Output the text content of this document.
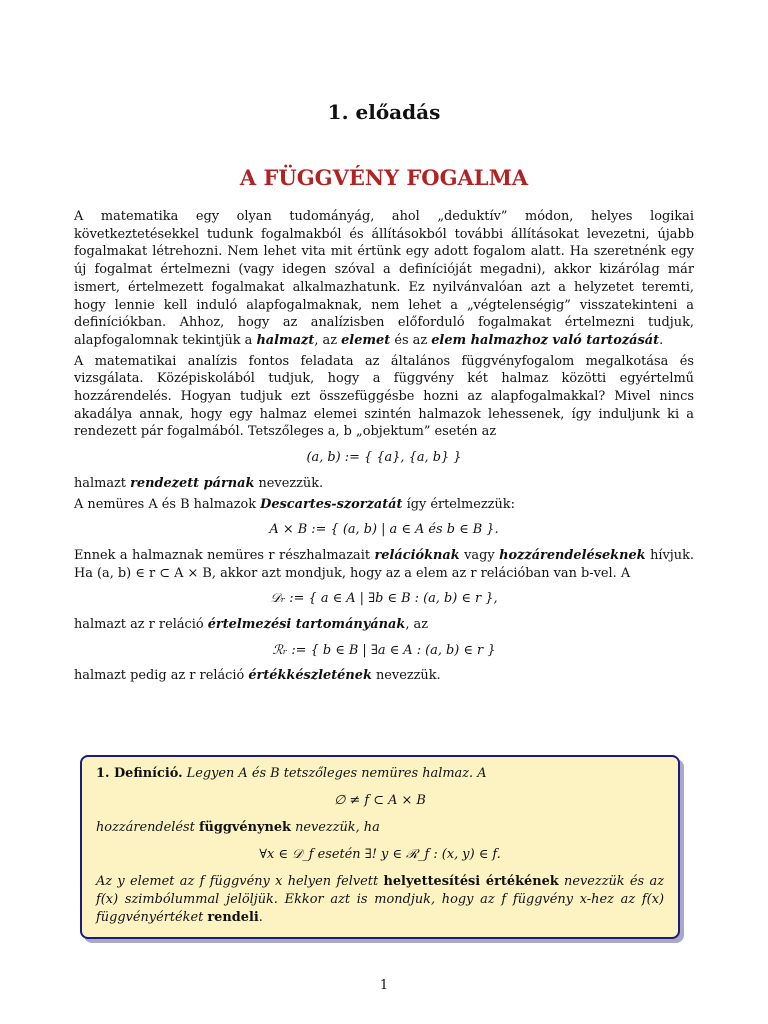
1. előadás
A FÜGGVÉNY FOGALMA

A matematika egy olyan tudományág, ahol „deduktív” módon, helyes logikai következtetésekkel tudunk fogalmakból és állításokból további állításokat levezetni, újabb fogalmakat létrehozni. Nem lehet vita mit értünk egy adott fogalom alatt. Ha szeretnénk egy új fogalmat értelmezni (vagy idegen szóval a definícióját megadni), akkor kizárólag már ismert, értelmezett fogalmakat alkalmazhatunk. Ez nyilvánvalóan azt a helyzetet teremti, hogy lennie kell induló alapfogalmaknak, nem lehet a „végtelenségig” visszatekinteni a definíciókban. Ahhoz, hogy az analízisben előforduló fogalmakat értelmezni tudjuk, alapfogalomnak tekintjük a halmazt, az elemet és az elem halmazhoz való tartozását.

A matematikai analízis fontos feladata az általános függvényfogalom megalkotása és vizsgálata. Középiskolából tudjuk, hogy a függvény két halmaz közötti egyértelmű hozzárendelés. Hogyan tudjuk ezt összefüggésbe hozni az alapfogalmakkal? Mivel nincs akadálya annak, hogy egy halmaz elemei szintén halmazok lehessenek, így induljunk ki a rendezett pár fogalmából. Tetszőleges a, b „objektum” esetén az

(a, b) := { {a}, {a, b} }

halmazt rendezett párnak nevezzük.

A nemüres A és B halmazok Descartes-szorzatát így értelmezzük:

A × B := { (a, b) | a ∈ A és b ∈ B }.

Ennek a halmaznak nemüres r részhalmazait relációknak vagy hozzárendeléseknek hívjuk. Ha (a, b) ∈ r ⊂ A × B, akkor azt mondjuk, hogy az a elem az r relációban van b-vel. A

𝒟ᵣ := { a ∈ A | ∃b ∈ B : (a, b) ∈ r },

halmazt az r reláció értelmezési tartományának, az

ℛᵣ := { b ∈ B | ∃a ∈ A : (a, b) ∈ r }

halmazt pedig az r reláció értékkészletének nevezzük.

1. Definíció. Legyen A és B tetszőleges nemüres halmaz. A

∅ ≠ f ⊂ A × B

hozzárendelést függvénynek nevezzük, ha

∀x ∈ 𝒟_f esetén ∃! y ∈ ℛ_f : (x, y) ∈ f.

Az y elemet az f függvény x helyen felvett helyettesítési értékének nevezzük és az f(x) szimbólummal jelöljük. Ekkor azt is mondjuk, hogy az f függvény x-hez az f(x) függvényértéket rendeli.

1
